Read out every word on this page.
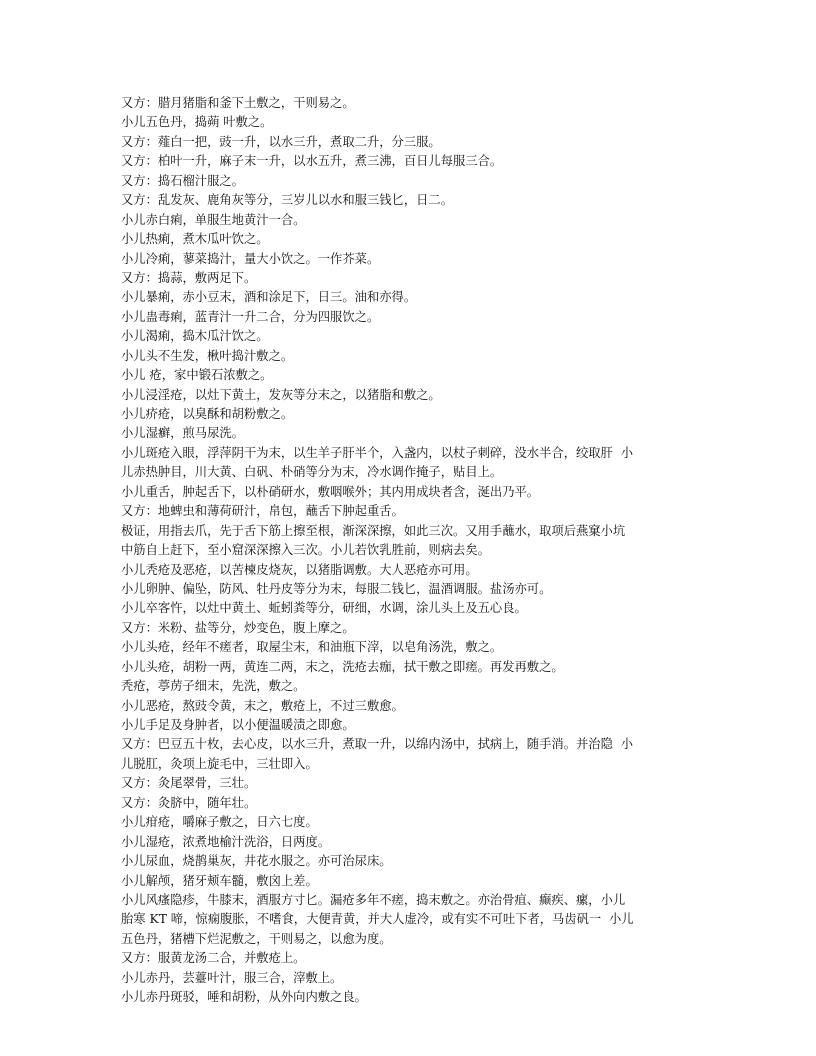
又方：腊月猪脂和釜下土敷之，干则易之。
小儿五色丹，捣蒴 叶敷之。
又方：薤白一把，豉一升，以水三升，煮取二升，分三服。
又方：柏叶一升，麻子末一升，以水五升，煮三沸，百日儿每服三合。
又方：捣石榴汁服之。
又方：乱发灰、鹿角灰等分，三岁儿以水和服三钱匕，日二。
小儿赤白痢，单服生地黄汁一合。
小儿热痢，煮木瓜叶饮之。
小儿冷痢，蓼菜捣汁，量大小饮之。一作芥菜。
又方：捣蒜，敷两足下。
小儿暴痢，赤小豆末，酒和涂足下，日三。油和亦得。
小儿蛊毒痢，蓝青汁一升二合，分为四服饮之。
小儿渴痢，捣木瓜汁饮之。
小儿头不生发，楸叶捣汁敷之。
小儿 疮，家中锻石浓敷之。
小儿浸淫疮，以灶下黄土，发灰等分末之，以猪脂和敷之。
小儿疥疮，以臭酥和胡粉敷之。
小儿湿癣，煎马尿洗。
小儿斑疮入眼，浮萍阴干为末，以生羊子肝半个，入盏内，以杖子刺碎，没水半合，绞取肝  小
儿赤热肿目，川大黄、白矾、朴硝等分为末，冷水调作掩子，贴目上。
小儿重舌，肿起舌下，以朴硝研水，敷咽喉外；其内用成块者含，涎出乃平。
又方：地蜱虫和薄荷研汁，帛包，蘸舌下肿起重舌。
极证，用指去爪，先于舌下筋上擦至根，渐深深擦，如此三次。又用手蘸水，取项后燕窠小坑
中筋自上赶下，至小窟深深擦入三次。小儿若饮乳胜前，则病去矣。
小儿秃疮及恶疮，以苦楝皮烧灰，以猪脂调敷。大人恶疮亦可用。
小儿卵肿、偏坠，防风、牡丹皮等分为末，每服二钱匕，温酒调服。盐汤亦可。
小儿卒客忤，以灶中黄土、蚯蚓粪等分，研细，水调，涂儿头上及五心良。
又方：米粉、盐等分，炒变色，腹上摩之。
小儿头疮，经年不瘥者，取屋尘末，和油瓶下滓，以皂角汤洗，敷之。
小儿头疮，胡粉一两，黄连二两，末之，洗疮去痂，拭干敷之即瘥。再发再敷之。
秃疮，葶苈子细末，先洗，敷之。
小儿恶疮，熬豉令黄，末之，敷疮上，不过三敷愈。
小儿手足及身肿者，以小便温暖渍之即愈。
又方：巴豆五十枚，去心皮，以水三升，煮取一升，以绵内汤中，拭病上，随手消。并治隐  小
儿脱肛，灸项上旋毛中，三壮即入。
又方：灸尾翠骨，三壮。
又方：灸脐中，随年壮。
小儿疳疮，嚼麻子敷之，日六七度。
小儿湿疮，浓煮地榆汁洗浴，日两度。
小儿尿血，烧鹊巢灰，井花水服之。亦可治尿床。
小儿解颅，猪牙颊车髓，敷囟上差。
小儿风瘙隐疹，牛膝末，酒服方寸匕。漏疮多年不瘥，捣末敷之。亦治骨疽、癫疾、瘰，小儿
胎寒 KT 啼，惊痫腹胀，不嗜食，大便青黄，并大人虚冷，或有实不可吐下者，马齿矾一  小儿
五色丹，猪槽下烂泥敷之，干则易之，以愈为度。
又方：服黄龙汤二合，并敷疮上。
小儿赤丹，芸薹叶汁，服三合，滓敷上。
小儿赤丹斑驳，唾和胡粉，从外向内敷之良。
